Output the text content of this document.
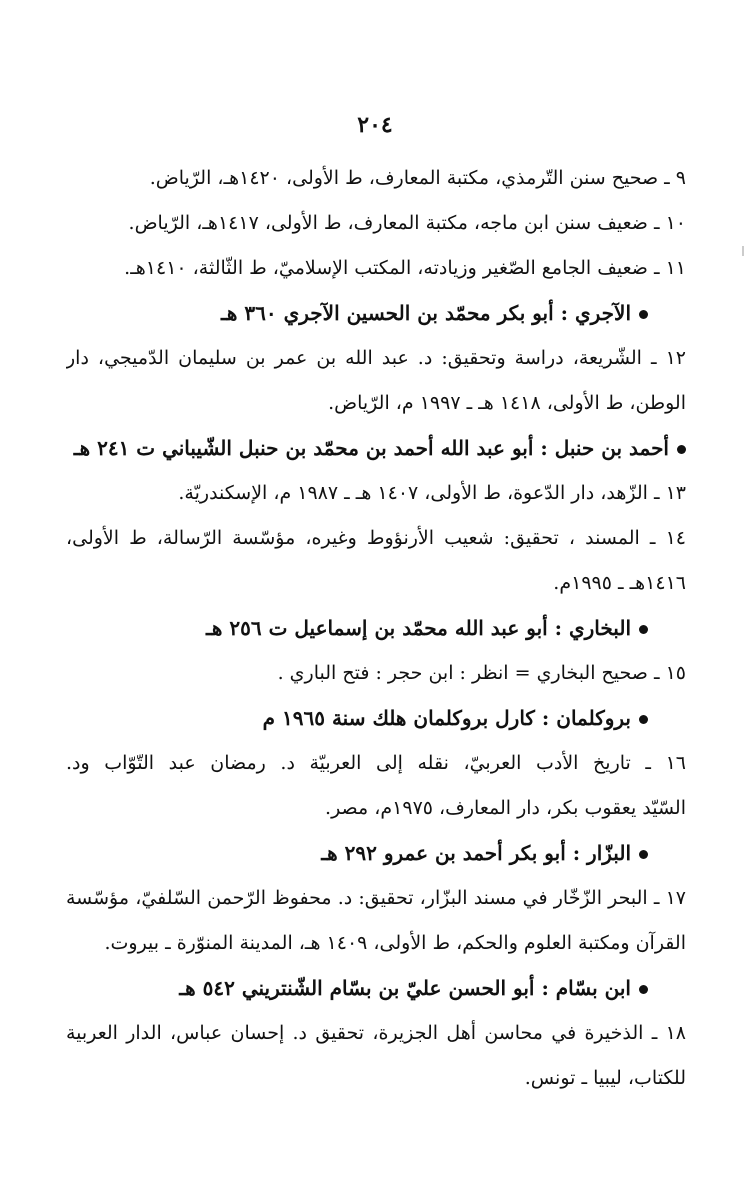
٢٠٤
٩ ـ صحيح سنن التّرمذي، مكتبة المعارف، ط الأولى، ١٤٢٠هـ، الرّياض.
١٠ ـ ضعيف سنن ابن ماجه، مكتبة المعارف، ط الأولى، ١٤١٧هـ، الرّياض.
١١ ـ ضعيف الجامع الصّغير وزيادته، المكتب الإسلاميّ، ط الثّالثة، ١٤١٠هـ.
الآجري : أبو بكر محمّد بن الحسين الآجري ٣٦٠ هـ
١٢ ـ الشّريعة، دراسة وتحقيق: د. عبد الله بن عمر بن سليمان الدّميجي، دار
الوطن، ط الأولى، ١٤١٨ هـ ـ ١٩٩٧ م، الرّياض.
أحمد بن حنبل : أبو عبد الله أحمد بن محمّد بن حنبل الشّيباني ت ٢٤١ هـ
١٣ ـ الزّهد، دار الدّعوة، ط الأولى، ١٤٠٧ هـ ـ ١٩٨٧ م، الإسكندريّة.
١٤ ـ المسند ، تحقيق: شعيب الأرنؤوط وغيره، مؤسّسة الرّسالة، ط الأولى،
١٤١٦هـ ـ ١٩٩٥م.
البخاري : أبو عبد الله محمّد بن إسماعيل ت ٢٥٦ هـ
١٥ ـ صحيح البخاري = انظر : ابن حجر : فتح الباري .
بروكلمان : كارل بروكلمان هلك سنة ١٩٦٥ م
١٦ ـ تاريخ الأدب العربيّ، نقله إلى العربيّة د. رمضان عبد التّوّاب ود.
السّيّد يعقوب بكر، دار المعارف، ١٩٧٥م، مصر.
البزّار : أبو بكر أحمد بن عمرو ٢٩٢ هـ
١٧ ـ البحر الزّخّار في مسند البزّار، تحقيق: د. محفوظ الرّحمن السّلفيّ، مؤسّسة
القرآن ومكتبة العلوم والحكم، ط الأولى، ١٤٠٩ هـ، المدينة المنوّرة ـ بيروت.
ابن بسّام : أبو الحسن عليّ بن بسّام الشّنتريني ٥٤٢ هـ
١٨ ـ الذخيرة في محاسن أهل الجزيرة، تحقيق د. إحسان عباس، الدار العربية
للكتاب، ليبيا ـ تونس.
